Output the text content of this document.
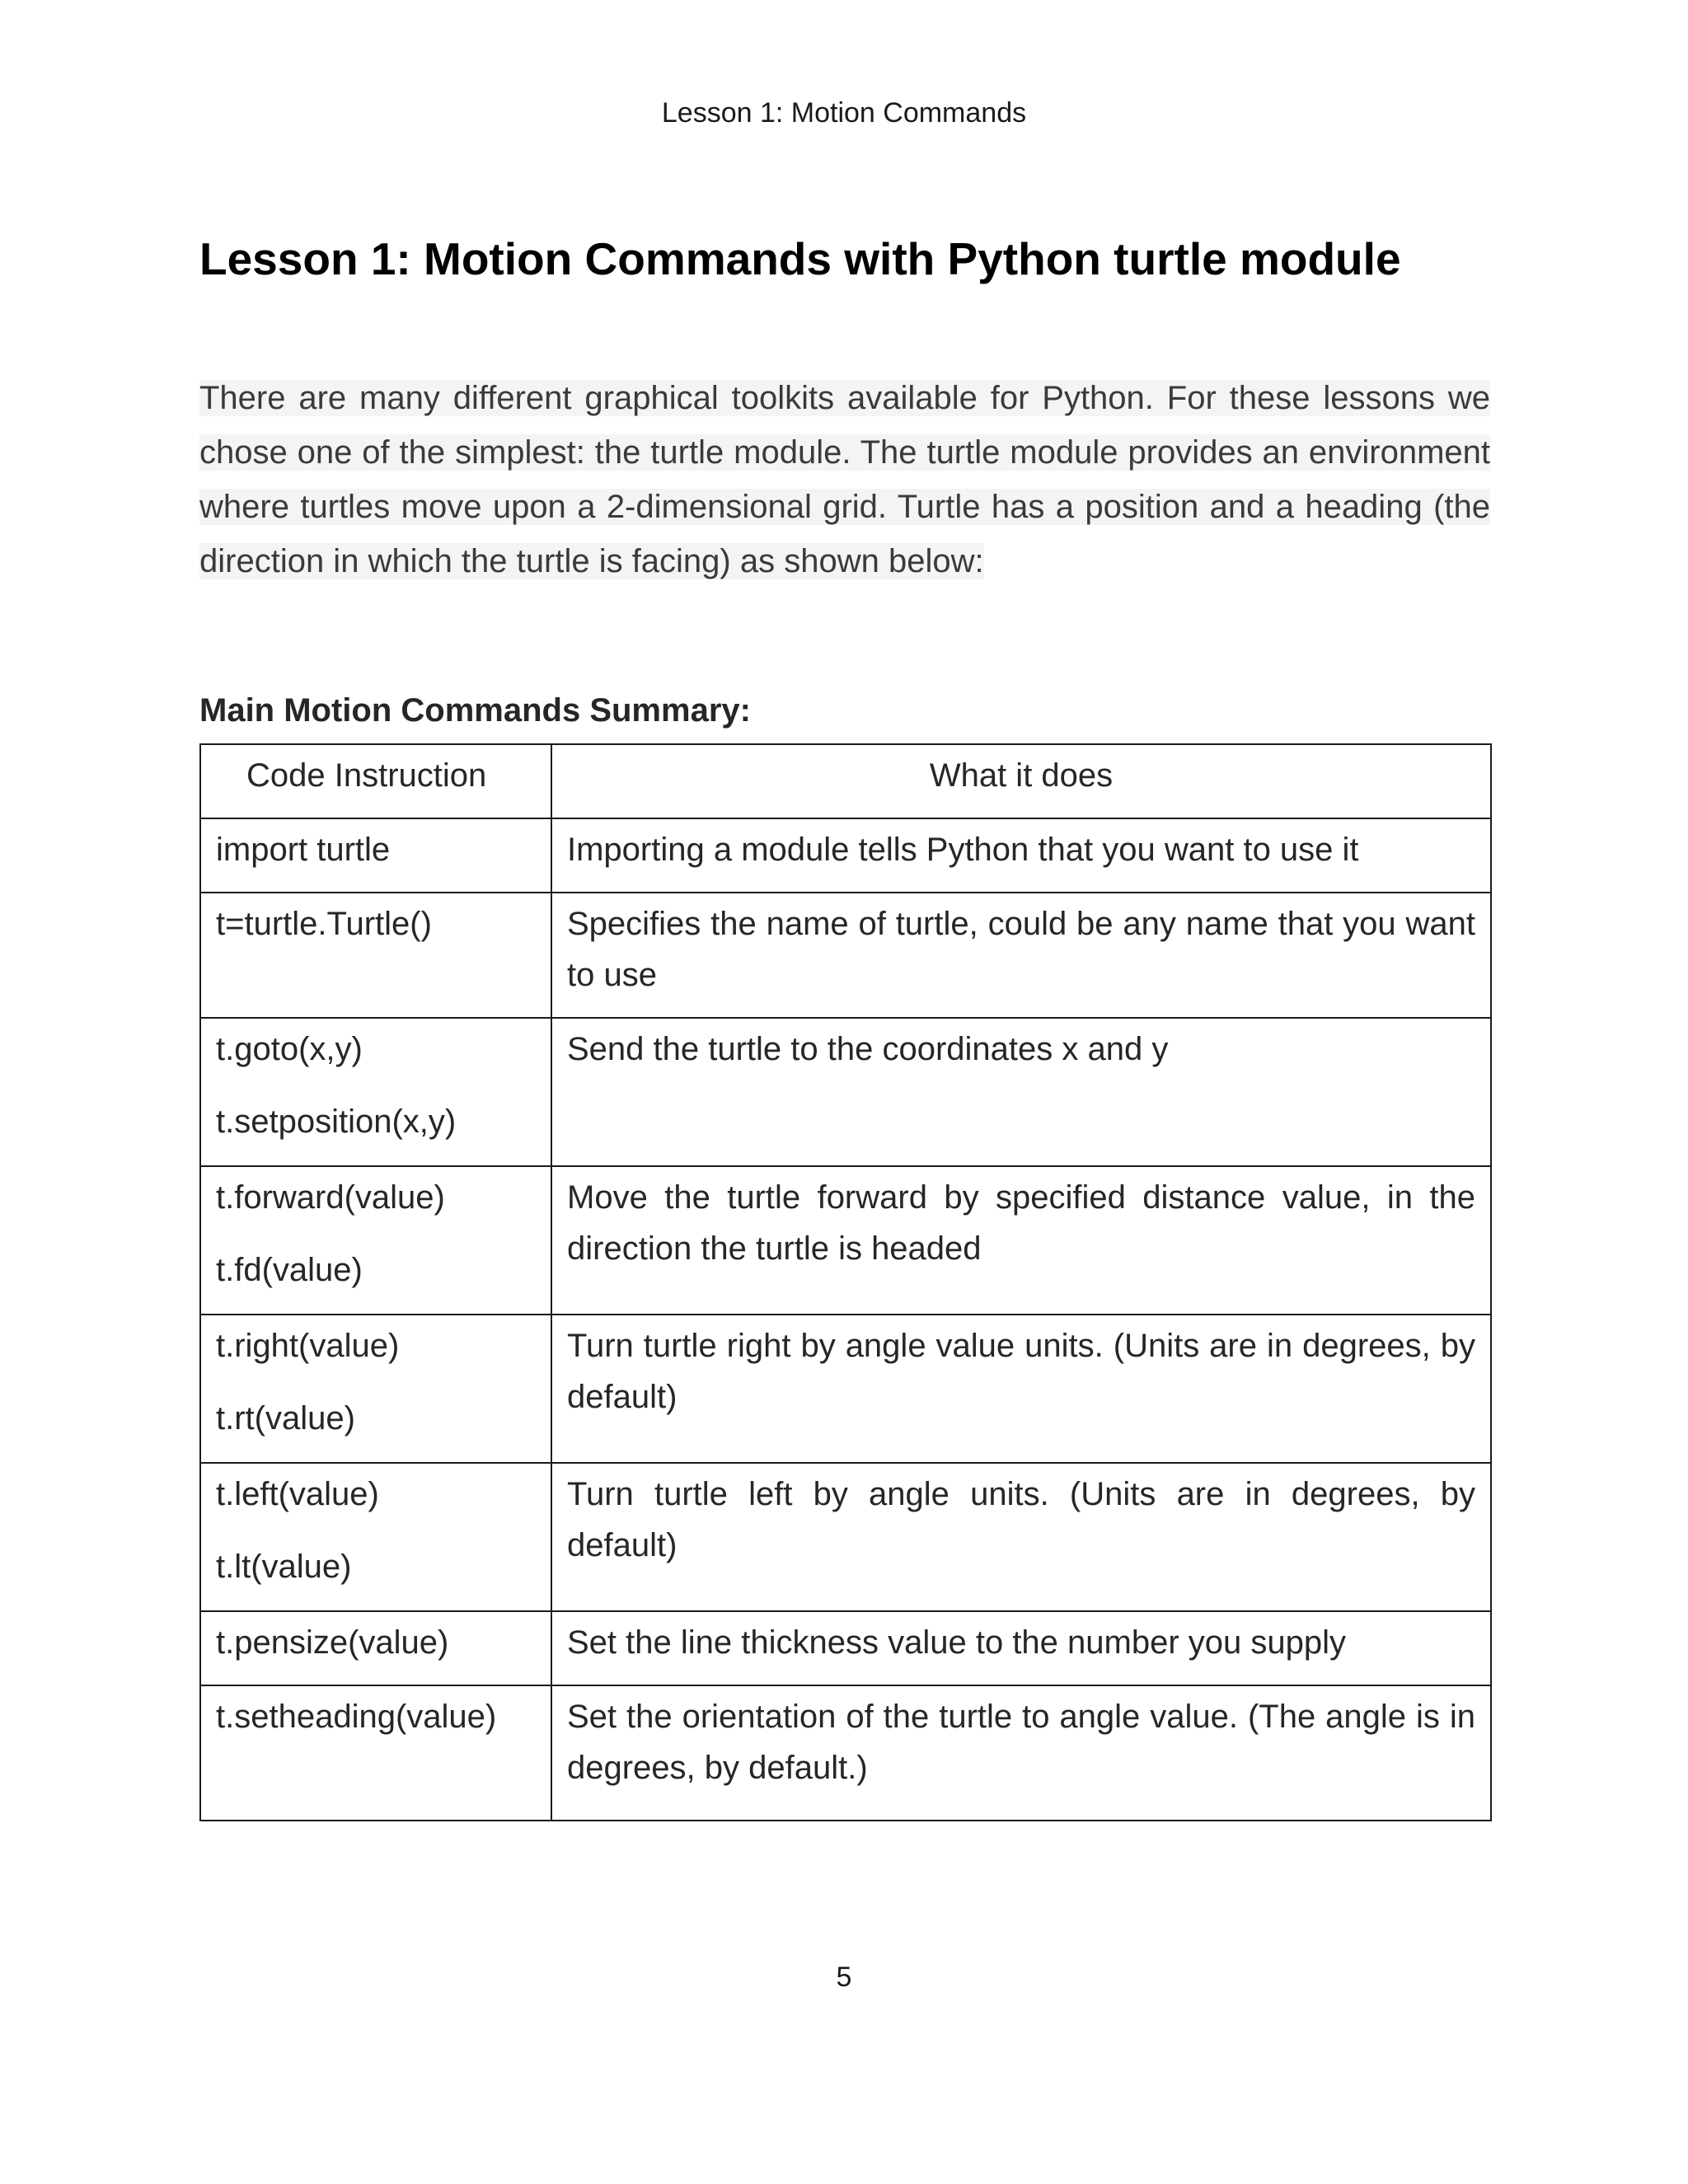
Lesson 1: Motion Commands
Lesson 1: Motion Commands with Python turtle module

There are many different graphical toolkits available for Python. For these lessons we chose one of the simplest: the turtle module. The turtle module provides an environment where turtles move upon a 2-dimensional grid. Turtle has a position and a heading (the direction in which the turtle is facing) as shown below:

Main Motion Commands Summary:
Code Instruction	What it does

import turtle	Importing a module tells Python that you want to use it

t=turtle.Turtle()	Specifies the name of turtle, could be any name that you want to use

t.goto(x,y)
t.setposition(x,y)	Send the turtle to the coordinates x and y

t.forward(value)
t.fd(value)	Move the turtle forward by specified distance value, in the direction the turtle is headed

t.right(value)
t.rt(value)	Turn turtle right by angle value units. (Units are in degrees, by default)

t.left(value)
t.lt(value)	Turn turtle left by angle units. (Units are in degrees, by default)

t.pensize(value)	Set the line thickness value to the number you supply

t.setheading(value)	Set the orientation of the turtle to angle value. (The angle is in degrees, by default.)
5
